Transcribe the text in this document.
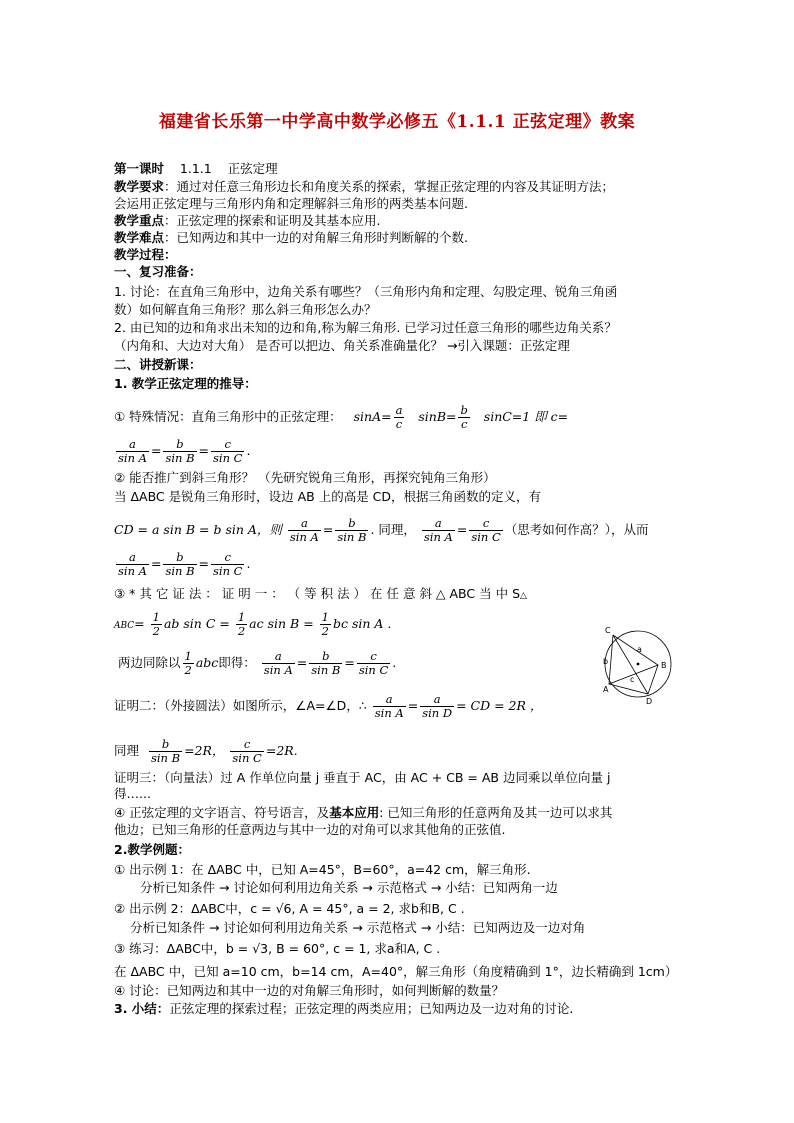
福建省长乐第一中学高中数学必修五《1.1.1 正弦定理》教案
第一课时 1.1.1 正弦定理
教学要求：通过对任意三角形边长和角度关系的探索，掌握正弦定理的内容及其证明方法；
会运用正弦定理与三角形内角和定理解斜三角形的两类基本问题.
教学重点：正弦定理的探索和证明及其基本应用.
教学难点：已知两边和其中一边的对角解三角形时判断解的个数.
教学过程：
一、复习准备：
1. 讨论：在直角三角形中，边角关系有哪些？（三角形内角和定理、勾股定理、锐角三角函
数）如何解直角三角形？那么斜三角形怎么办？
2. 由已知的边和角求出未知的边和角,称为解三角形. 已学习过任意三角形的哪些边角关系？
（内角和、大边对大角） 是否可以把边、角关系准确量化？ →引入课题：正弦定理
二、讲授新课：
1. 教学正弦定理的推导：
① 特殊情况：直角三角形中的正弦定理： $\sin A= \frac{a}{c} \sin B= \frac{b}{c} \sin C=1$ 即 c=
$\frac{a}{\text{sin A}} = \frac{b}{\text{sin B}} = \frac{c}{\text{sin C}}$ .
② 能否推广到斜三角形？ （先研究锐角三角形，再探究钝角三角形）
当 ΔABC 是锐角三角形时，设边 AB 上的高是 CD，根据三角函数的定义，有
CD = a sin B = b sin A，则 $\frac{a}{\text{sin A}} = \frac{b}{\text{sin B}}$ . 同理， $\frac{a}{\text{sin A}} = \frac{c}{\text{sin C}}$ （思考如何作高？），从而
$\frac{a}{\text{sin A}} = \frac{b}{\text{sin B}} = \frac{c}{\text{sin C}}$ .
③ * 其 它 证 法 ： 证 明 一 ： （ 等 积 法 ） 在 任 意 斜 △ ABC 当 中 S△
$ABC= \frac{1}{2}$ ab $\sin C = \frac{1}{2}$ ac $\sin B = \frac{1}{2}$ bc sin A .
两边同除以 $\frac{1}{2}$ abc即得： $\frac{a}{\text{sin A}} = \frac{b}{\text{sin B}} = \frac{c}{\text{sin C}}$ .
证明二：（外接圆法）如图所示，∠A=∠D，∴ $\frac{a}{\text{sin A}} = \frac{a}{\text{sin D}}$ = CD = 2R ，
同理 $\frac{b}{\text{sin B}} =2R$， $\frac{c}{\text{sin C}} =2R$.
证明三：（向量法）过 A 作单位向量 j 垂直于 AC，由 AC + CB = AB 边同乘以单位向量 j
得…...
④ 正弦定理的文字语言、符号语言，及基本应用: 已知三角形的任意两角及其一边可以求其
他边；已知三角形的任意两边与其中一边的对角可以求其他角的正弦值.
2.教学例题：
① 出示例 1：在 ΔABC 中，已知 A=45°，B=60°，a=42 cm，解三角形.
分析已知条件 → 讨论如何利用边角关系 → 示范格式 → 小结：已知两角一边
② 出示例 2：ΔABC中，c = √6, A = 45°, a = 2, 求b和B, C .
分析已知条件 → 讨论如何利用边角关系 → 示范格式 → 小结：已知两边及一边对角
③ 练习：ΔABC中，b = √3, B = 60°, c = 1, 求a和A, C .
在 ΔABC 中，已知 a=10 cm，b=14 cm，A=40°，解三角形（角度精确到 1°，边长精确到 1cm）
④ 讨论：已知两边和其中一边的对角解三角形时，如何判断解的数量？
3. 小结：正弦定理的探索过程；正弦定理的两类应用；已知两边及一边对角的讨论.
C
B
A
D
a
b
c
